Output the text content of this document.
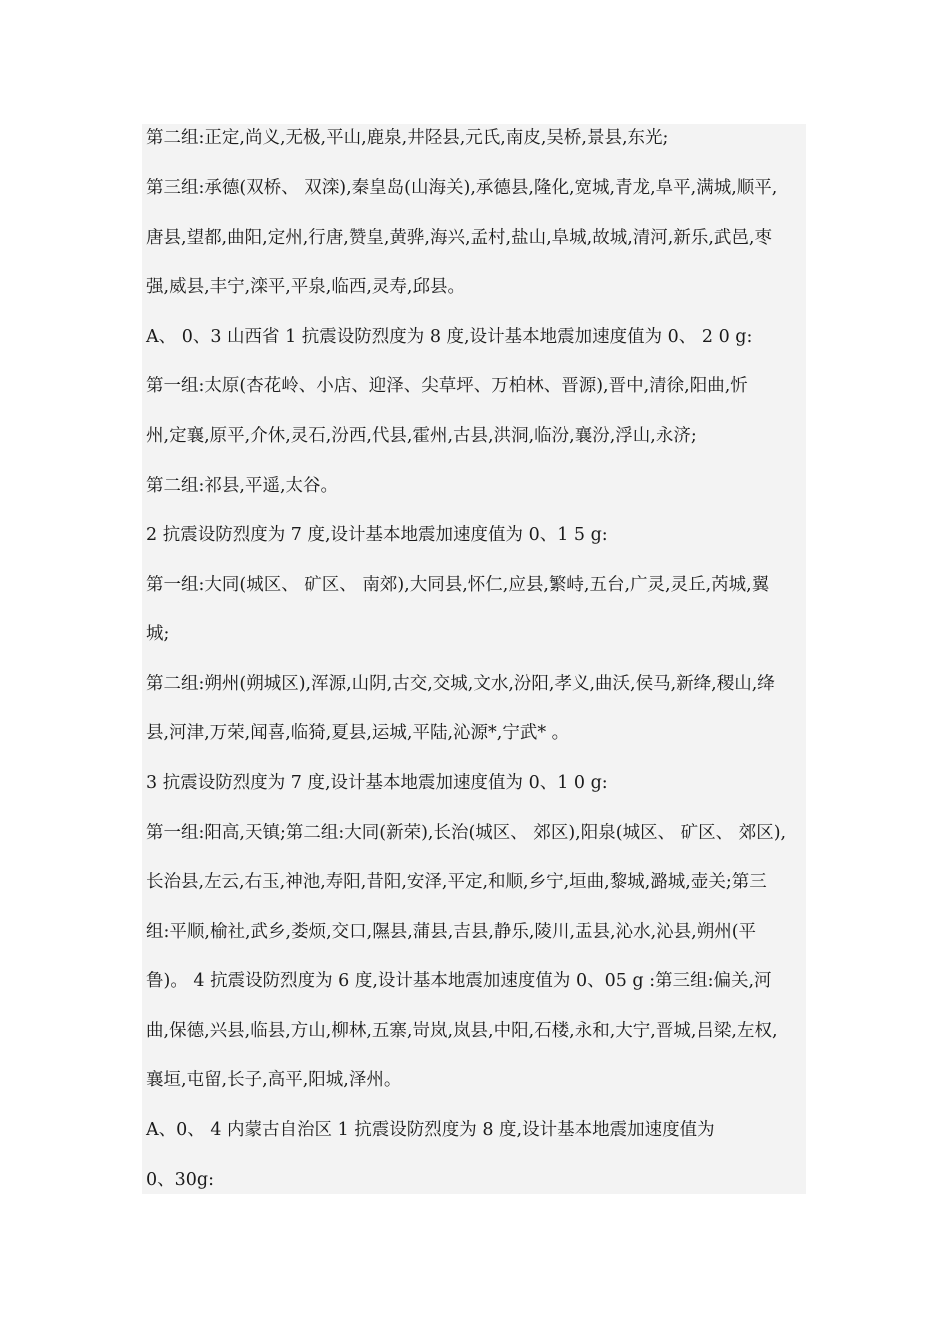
第二组:正定,尚义,无极,平山,鹿泉,井陉县,元氏,南皮,吴桥,景县,东光;
第三组:承德(双桥、 双滦),秦皇岛(山海关),承德县,隆化,宽城,青龙,阜平,满城,顺平,
唐县,望都,曲阳,定州,行唐,赞皇,黄骅,海兴,孟村,盐山,阜城,故城,清河,新乐,武邑,枣
强,威县,丰宁,滦平,平泉,临西,灵寿,邱县。
A、 0、3 山西省 1 抗震设防烈度为 8 度,设计基本地震加速度值为 0、 2 0 g:
第一组:太原(杏花岭、小店、迎泽、尖草坪、万柏林、晋源),晋中,清徐,阳曲,忻
州,定襄,原平,介休,灵石,汾西,代县,霍州,古县,洪洞,临汾,襄汾,浮山,永济;
第二组:祁县,平遥,太谷。
2 抗震设防烈度为 7 度,设计基本地震加速度值为 0、1 5 g:
第一组:大同(城区、 矿区、 南郊),大同县,怀仁,应县,繁峙,五台,广灵,灵丘,芮城,翼
城;
第二组:朔州(朔城区),浑源,山阴,古交,交城,文水,汾阳,孝义,曲沃,侯马,新绛,稷山,绛
县,河津,万荣,闻喜,临猗,夏县,运城,平陆,沁源*,宁武* 。
3 抗震设防烈度为 7 度,设计基本地震加速度值为 0、1 0 g:
第一组:阳高,天镇;第二组:大同(新荣),长治(城区、 郊区),阳泉(城区、 矿区、 郊区),
长治县,左云,右玉,神池,寿阳,昔阳,安泽,平定,和顺,乡宁,垣曲,黎城,潞城,壶关;第三
组:平顺,榆社,武乡,娄烦,交口,隰县,蒲县,吉县,静乐,陵川,盂县,沁水,沁县,朔州(平
鲁)。 4 抗震设防烈度为 6 度,设计基本地震加速度值为 0、05 g :第三组:偏关,河
曲,保德,兴县,临县,方山,柳林,五寨,岢岚,岚县,中阳,石楼,永和,大宁,晋城,吕梁,左权,
襄垣,屯留,长子,高平,阳城,泽州。
A、0、 4 内蒙古自治区 1 抗震设防烈度为 8 度,设计基本地震加速度值为
0、30g:
